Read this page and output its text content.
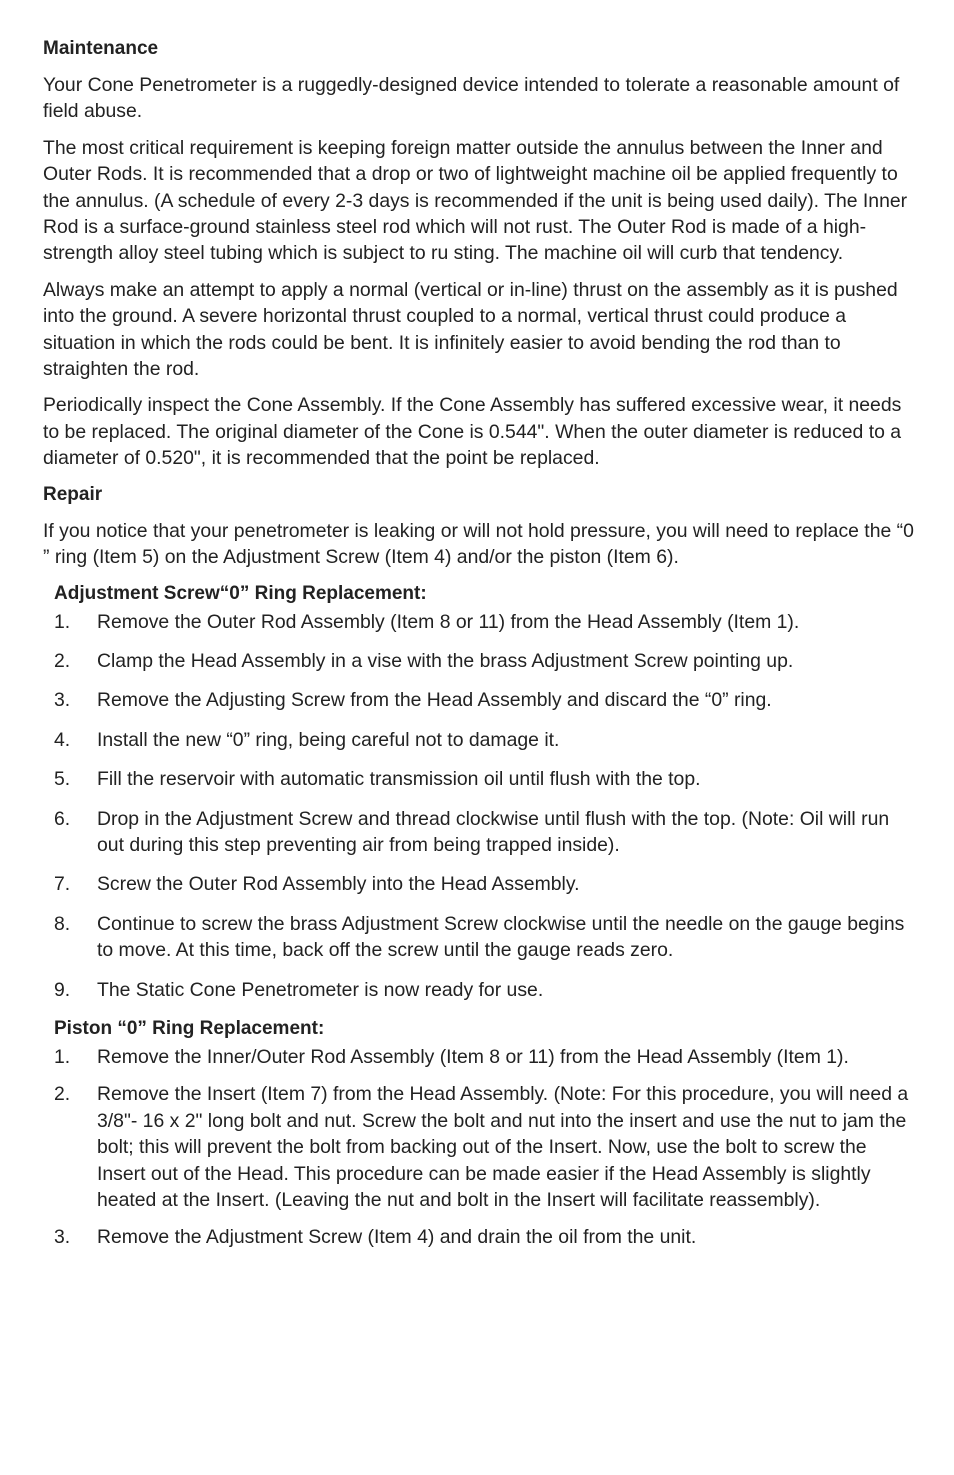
Maintenance

Your Cone Penetrometer is a ruggedly-designed device intended to tolerate a reasonable amount of field abuse.

The most critical requirement is keeping foreign matter outside the annulus between the Inner and Outer Rods. It is recommended that a drop or two of lightweight machine oil be applied frequently to the annulus. (A schedule of every 2-3 days is recommended if the unit is being used daily). The Inner Rod is a surface-ground stainless steel rod which will not rust. The Outer Rod is made of a high-strength alloy steel tubing which is subject to ru sting. The machine oil will curb that tendency.

Always make an attempt to apply a normal (vertical or in-line) thrust on the assembly as it is pushed into the ground. A severe horizontal thrust coupled to a normal, vertical thrust could produce a situation in which the rods could be bent. It is infinitely easier to avoid bending the rod than to straighten the rod.

Periodically inspect the Cone Assembly. If the Cone Assembly has suffered excessive wear, it needs to be replaced. The original diameter of the Cone is 0.544". When the outer diameter is reduced to a diameter of 0.520", it is recommended that the point be replaced.

Repair

If you notice that your penetrometer is leaking or will not hold pressure, you will need to replace the “0 ” ring (Item 5) on the Adjustment Screw (Item 4) and/or the piston (Item 6).

Adjustment Screw“0” Ring Replacement:
1. Remove the Outer Rod Assembly (Item 8 or 11) from the Head Assembly (Item 1).
2. Clamp the Head Assembly in a vise with the brass Adjustment Screw pointing up.
3. Remove the Adjusting Screw from the Head Assembly and discard the “0” ring.
4. Install the new “0” ring, being careful not to damage it.
5. Fill the reservoir with automatic transmission oil until flush with the top.
6. Drop in the Adjustment Screw and thread clockwise until flush with the top. (Note: Oil will run out during this step preventing air from being trapped inside).
7. Screw the Outer Rod Assembly into the Head Assembly.
8. Continue to screw the brass Adjustment Screw clockwise until the needle on the gauge begins to move. At this time, back off the screw until the gauge reads zero.
9. The Static Cone Penetrometer is now ready for use.
Piston “0” Ring Replacement:
1. Remove the Inner/Outer Rod Assembly (Item 8 or 11) from the Head Assembly (Item 1).
2. Remove the Insert (Item 7) from the Head Assembly. (Note: For this procedure, you will need a 3/8"- 16 x 2" long bolt and nut. Screw the bolt and nut into the insert and use the nut to jam the bolt; this will prevent the bolt from backing out of the Insert. Now, use the bolt to screw the Insert out of the Head. This procedure can be made easier if the Head Assembly is slightly heated at the Insert. (Leaving the nut and bolt in the Insert will facilitate reassembly).
3. Remove the Adjustment Screw (Item 4) and drain the oil from the unit.
